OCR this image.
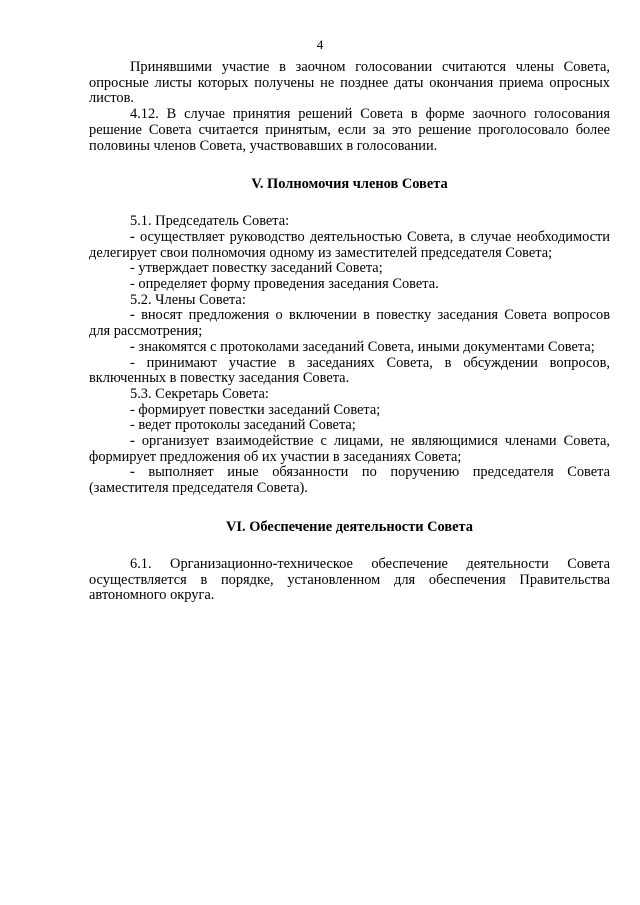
4

Принявшими участие в заочном голосовании считаются члены Совета, опросные листы которых получены не позднее даты окончания приема опросных листов.

4.12. В случае принятия решений Совета в форме заочного голосования решение Совета считается принятым, если за это решение проголосовало более половины членов Совета, участвовавших в голосовании.

V. Полномочия членов Совета

5.1. Председатель Совета:

- осуществляет руководство деятельностью Совета, в случае необходимости делегирует свои полномочия одному из заместителей председателя Совета;

- утверждает повестку заседаний Совета;

- определяет форму проведения заседания Совета.

5.2. Члены Совета:

- вносят предложения о включении в повестку заседания Совета вопросов для рассмотрения;

- знакомятся с протоколами заседаний Совета, иными документами Совета;

- принимают участие в заседаниях Совета, в обсуждении вопросов, включенных в повестку заседания Совета.

5.3. Секретарь Совета:

- формирует повестки заседаний Совета;

- ведет протоколы заседаний Совета;

- организует взаимодействие с лицами, не являющимися членами Совета, формирует предложения об их участии в заседаниях Совета;

- выполняет иные обязанности по поручению председателя Совета (заместителя председателя Совета).

VI. Обеспечение деятельности Совета

6.1. Организационно-техническое обеспечение деятельности Совета осуществляется в порядке, установленном для обеспечения Правительства автономного округа.
